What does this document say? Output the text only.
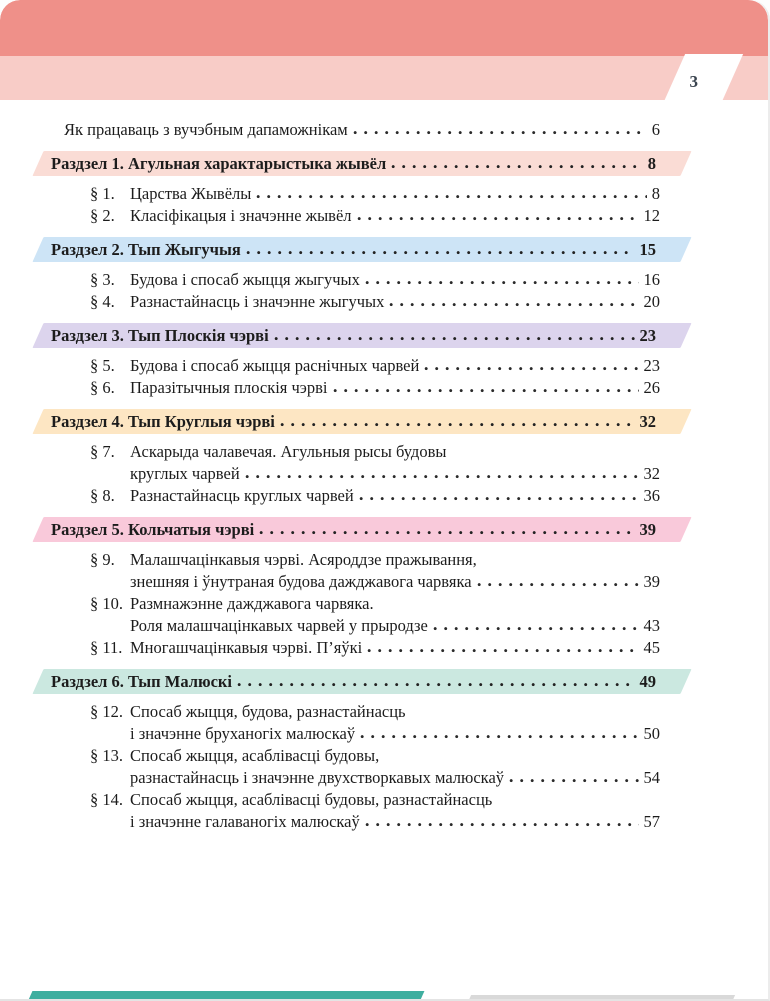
3
Як працаваць з вучэбным дапаможнікам	6
Раздзел 1. Агульная характарыстыка жывёл	8
§ 1. Царства Жывёлы	8
§ 2. Класіфікацыя і значэнне жывёл	12
Раздзел 2. Тып Жыгучыя	15
§ 3. Будова і спосаб жыцця жыгучых	16
§ 4. Разнастайнасць і значэнне жыгучых	20
Раздзел 3. Тып Плоскія чэрві	23
§ 5. Будова і спосаб жыцця раснічных чарвей	23
§ 6. Паразітычныя плоскія чэрві	26
Раздзел 4. Тып Круглыя чэрві	32
§ 7. Аскарыда чалавечая. Агульныя рысы будовы
круглых чарвей	32
§ 8. Разнастайнасць круглых чарвей	36
Раздзел 5. Кольчатыя чэрві	39
§ 9. Малашчацінкавыя чэрві. Асяроддзе пражывання,
знешняя і ўнутраная будова дажджавога чарвяка	39
§ 10. Размнажэнне дажджавога чарвяка.
Роля малашчацінкавых чарвей у прыродзе	43
§ 11. Многашчацінкавыя чэрві. П’яўкі	45
Раздзел 6. Тып Малюскі	49
§ 12. Спосаб жыцця, будова, разнастайнасць
і значэнне бруханогіх малюскаў	50
§ 13. Спосаб жыцця, асаблівасці будовы,
разнастайнасць і значэнне двухстворкавых малюскаў	54
§ 14. Спосаб жыцця, асаблівасці будовы, разнастайнасць
і значэнне галаваногіх малюскаў	57
